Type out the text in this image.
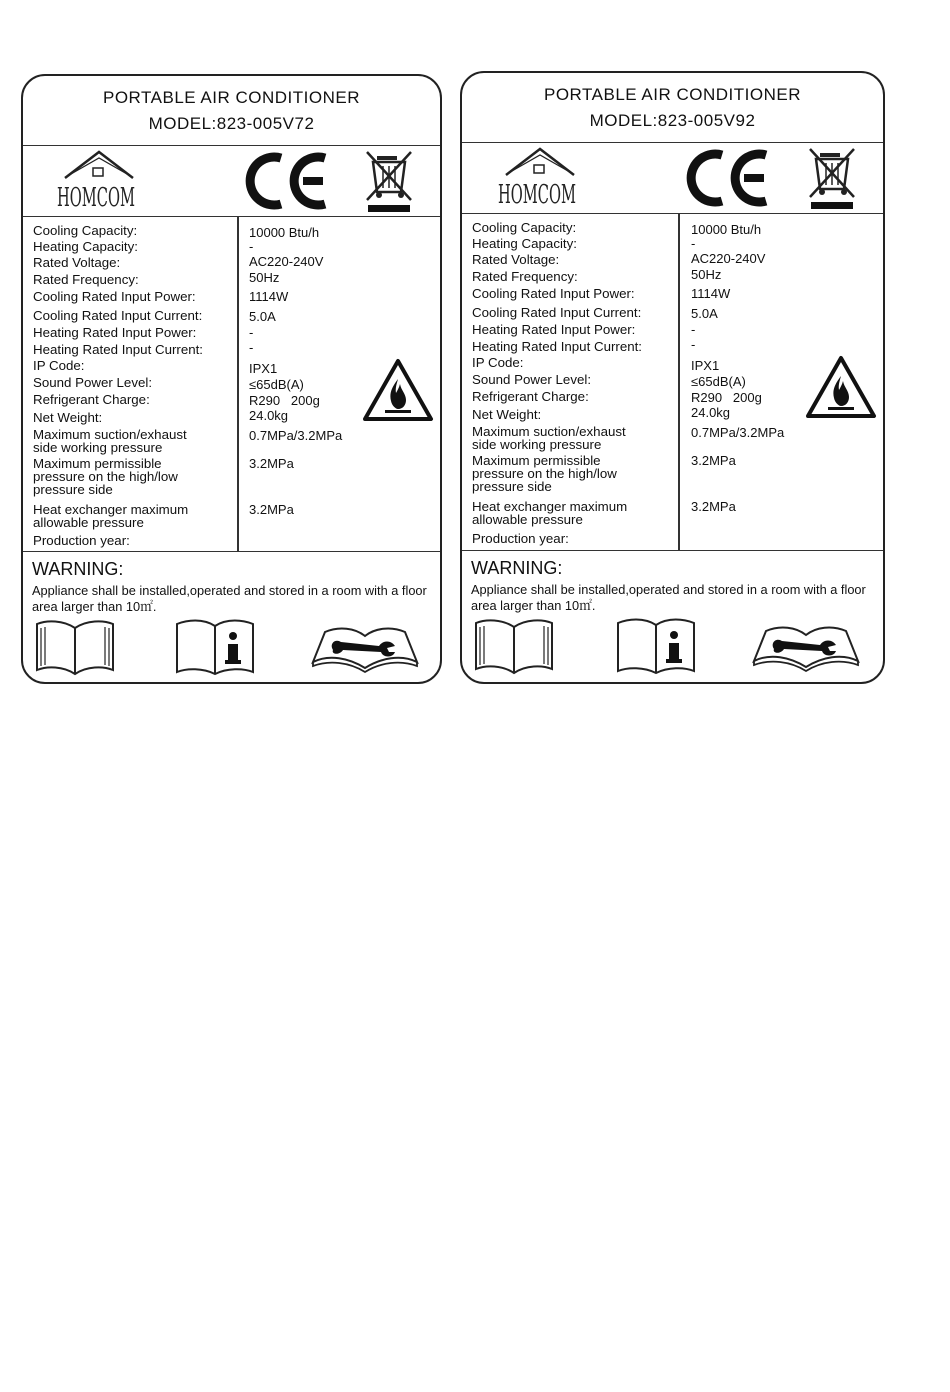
PORTABLE AIR CONDITIONER
MODEL:823-005V72
HOMCOM
Cooling Capacity:
Heating Capacity:
Rated Voltage:
Rated Frequency:
Cooling Rated Input Power:
Cooling Rated Input Current:
Heating Rated Input Power:
Heating Rated Input Current:
IP Code:
Sound Power Level:
Refrigerant Charge:
Net Weight:
Maximum suction/exhaust
side working pressure
Maximum permissible
pressure on the high/low
pressure side
Heat exchanger maximum
allowable pressure
Production year:
10000 Btu/h
-
AC220-240V
50Hz
1114W
5.0A
-
-
IPX1
≤65dB(A)
R290   200g
24.0kg
0.7MPa/3.2MPa
3.2MPa
3.2MPa
WARNING:
Appliance shall be installed,operated and stored in a room with a floor area larger than 10㎡.
PORTABLE AIR CONDITIONER
MODEL:823-005V92
HOMCOM
Cooling Capacity:
Heating Capacity:
Rated Voltage:
Rated Frequency:
Cooling Rated Input Power:
Cooling Rated Input Current:
Heating Rated Input Power:
Heating Rated Input Current:
IP Code:
Sound Power Level:
Refrigerant Charge:
Net Weight:
Maximum suction/exhaust
side working pressure
Maximum permissible
pressure on the high/low
pressure side
Heat exchanger maximum
allowable pressure
Production year:
10000 Btu/h
-
AC220-240V
50Hz
1114W
5.0A
-
-
IPX1
≤65dB(A)
R290   200g
24.0kg
0.7MPa/3.2MPa
3.2MPa
3.2MPa
WARNING:
Appliance shall be installed,operated and stored in a room with a floor area larger than 10㎡.
